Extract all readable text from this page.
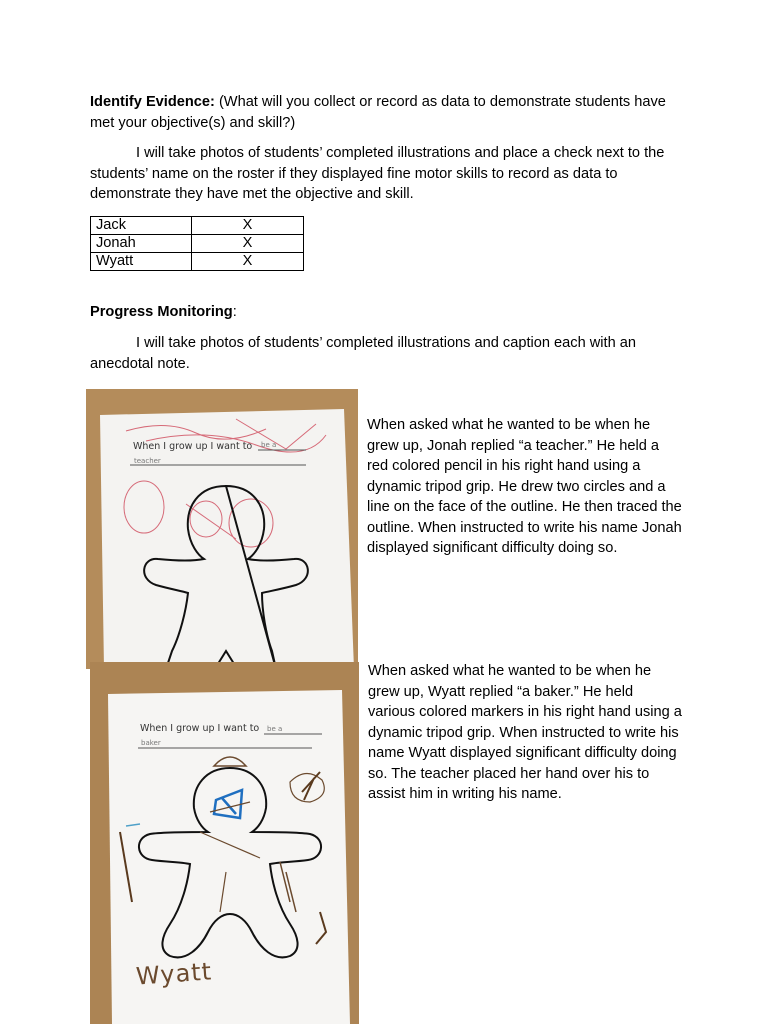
Identify Evidence: (What will you collect or record as data to demonstrate students have met your objective(s) and skill?)

I will take photos of students’ completed illustrations and place a check next to the students’ name on the roster if they displayed fine motor skills to record as data to demonstrate they have met the objective and skill.

Jack	X
Jonah	X
Wyatt	X

Progress Monitoring:

I will take photos of students’ completed illustrations and caption each with an anecdotal note.

When I grow up I want to be a
teacher

When asked what he wanted to be when he grew up, Jonah replied “a teacher.” He held a red colored pencil in his right hand using a dynamic tripod grip. He drew two circles and a line on the face of the outline. He then traced the outline. When instructed to write his name Jonah displayed significant difficulty doing so.

When I grow up I want to be a
baker
Wyatt

When asked what he wanted to be when he grew up, Wyatt replied “a baker.” He held various colored markers in his right hand using a dynamic tripod grip. When instructed to write his name Wyatt displayed significant difficulty doing so. The teacher placed her hand over his to assist him in writing his name.
